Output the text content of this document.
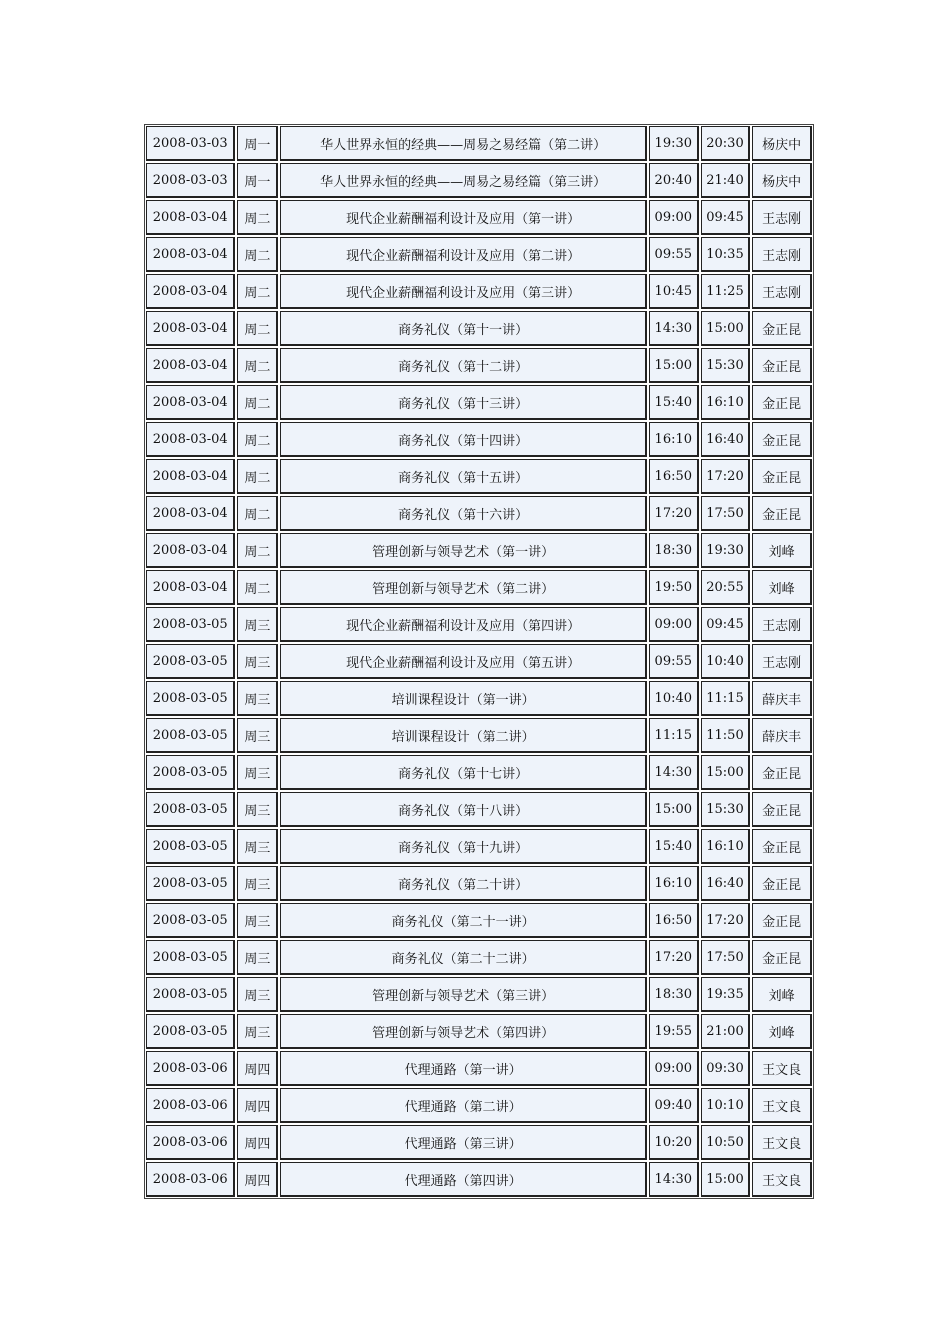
2008-03-03	周一	华人世界永恒的经典——周易之易经篇（第二讲）	19:30	20:30	杨庆中
2008-03-03	周一	华人世界永恒的经典——周易之易经篇（第三讲）	20:40	21:40	杨庆中
2008-03-04	周二	现代企业薪酬福利设计及应用（第一讲）	09:00	09:45	王志刚
2008-03-04	周二	现代企业薪酬福利设计及应用（第二讲）	09:55	10:35	王志刚
2008-03-04	周二	现代企业薪酬福利设计及应用（第三讲）	10:45	11:25	王志刚
2008-03-04	周二	商务礼仪（第十一讲）	14:30	15:00	金正昆
2008-03-04	周二	商务礼仪（第十二讲）	15:00	15:30	金正昆
2008-03-04	周二	商务礼仪（第十三讲）	15:40	16:10	金正昆
2008-03-04	周二	商务礼仪（第十四讲）	16:10	16:40	金正昆
2008-03-04	周二	商务礼仪（第十五讲）	16:50	17:20	金正昆
2008-03-04	周二	商务礼仪（第十六讲）	17:20	17:50	金正昆
2008-03-04	周二	管理创新与领导艺术（第一讲）	18:30	19:30	刘峰
2008-03-04	周二	管理创新与领导艺术（第二讲）	19:50	20:55	刘峰
2008-03-05	周三	现代企业薪酬福利设计及应用（第四讲）	09:00	09:45	王志刚
2008-03-05	周三	现代企业薪酬福利设计及应用（第五讲）	09:55	10:40	王志刚
2008-03-05	周三	培训课程设计（第一讲）	10:40	11:15	薛庆丰
2008-03-05	周三	培训课程设计（第二讲）	11:15	11:50	薛庆丰
2008-03-05	周三	商务礼仪（第十七讲）	14:30	15:00	金正昆
2008-03-05	周三	商务礼仪（第十八讲）	15:00	15:30	金正昆
2008-03-05	周三	商务礼仪（第十九讲）	15:40	16:10	金正昆
2008-03-05	周三	商务礼仪（第二十讲）	16:10	16:40	金正昆
2008-03-05	周三	商务礼仪（第二十一讲）	16:50	17:20	金正昆
2008-03-05	周三	商务礼仪（第二十二讲）	17:20	17:50	金正昆
2008-03-05	周三	管理创新与领导艺术（第三讲）	18:30	19:35	刘峰
2008-03-05	周三	管理创新与领导艺术（第四讲）	19:55	21:00	刘峰
2008-03-06	周四	代理通路（第一讲）	09:00	09:30	王文良
2008-03-06	周四	代理通路（第二讲）	09:40	10:10	王文良
2008-03-06	周四	代理通路（第三讲）	10:20	10:50	王文良
2008-03-06	周四	代理通路（第四讲）	14:30	15:00	王文良
